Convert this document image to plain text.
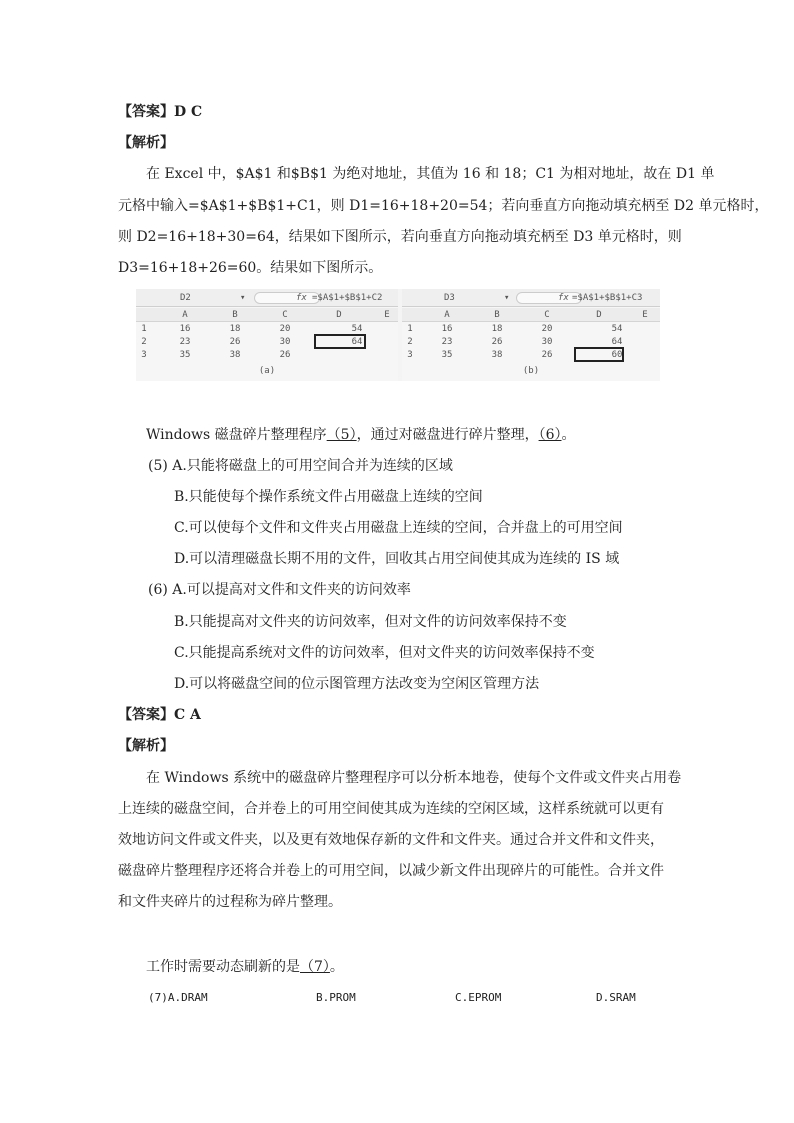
【答案】D C
【解析】
在 Excel 中，$A$1 和$B$1 为绝对地址，其值为 16 和 18；C1 为相对地址，故在 D1 单
元格中输入=$A$1+$B$1+C1，则 D1=16+18+20=54；若向垂直方向拖动填充柄至 D2 单元格时，
则 D2=16+18+30=64，结果如下图所示，若向垂直方向拖动填充柄至 D3 单元格时，则
D3=16+18+26=60。结果如下图所示。
D2	▾	fx =$A$1+$B$1+C2
A	B	C	D	E
1	16	18	20	54
2	23	26	30	64
3	35	38	26
(a)
D3	▾	fx =$A$1+$B$1+C3
A	B	C	D	E
1	16	18	20	54
2	23	26	30	64
3	35	38	26	60
(b)
Windows 磁盘碎片整理程序（5），通过对磁盘进行碎片整理，（6）。
(5) A.只能将磁盘上的可用空间合并为连续的区域
B.只能使每个操作系统文件占用磁盘上连续的空间
C.可以使每个文件和文件夹占用磁盘上连续的空间，合并盘上的可用空间
D.可以清理磁盘长期不用的文件，回收其占用空间使其成为连续的 IS 域
(6) A.可以提高对文件和文件夹的访问效率
B.只能提高对文件夹的访问效率，但对文件的访问效率保持不变
C.只能提高系统对文件的访问效率，但对文件夹的访问效率保持不变
D.可以将磁盘空间的位示图管理方法改变为空闲区管理方法
【答案】C A
【解析】
在 Windows 系统中的磁盘碎片整理程序可以分析本地卷，使每个文件或文件夹占用卷
上连续的磁盘空间，合并卷上的可用空间使其成为连续的空闲区域，这样系统就可以更有
效地访问文件或文件夹，以及更有效地保存新的文件和文件夹。通过合并文件和文件夹，
磁盘碎片整理程序还将合并卷上的可用空间，以减少新文件出现碎片的可能性。合并文件
和文件夹碎片的过程称为碎片整理。
工作时需要动态刷新的是（7）。
(7)A.DRAM	B.PROM	C.EPROM	D.SRAM
